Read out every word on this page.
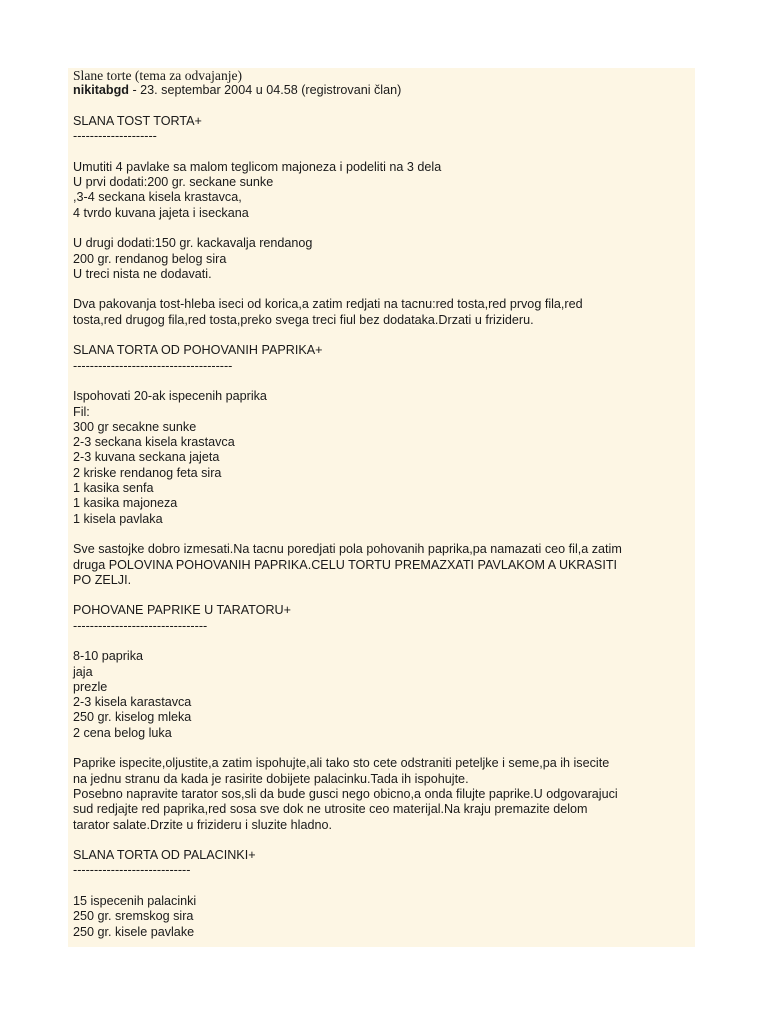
Slane torte (tema za odvajanje)
nikitabgd - 23. septembar 2004 u 04.58 (registrovani član)
SLANA TOST TORTA+
--------------------
Umutiti 4 pavlake sa malom teglicom majoneza i podeliti na 3 dela
U prvi dodati:200 gr. seckane sunke
,3-4 seckana kisela krastavca,
4 tvrdo kuvana jajeta i iseckana
U drugi dodati:150 gr. kackavalja rendanog
200 gr. rendanog belog sira
U treci nista ne dodavati.
Dva pakovanja tost-hleba iseci od korica,a zatim redjati na tacnu:red tosta,red prvog fila,red
tosta,red drugog fila,red tosta,preko svega treci fiul bez dodataka.Drzati u frizideru.
SLANA TORTA OD POHOVANIH PAPRIKA+
--------------------------------------
Ispohovati 20-ak ispecenih paprika
Fil:
300 gr secakne sunke
2-3 seckana kisela krastavca
2-3 kuvana seckana jajeta
2 kriske rendanog feta sira
1 kasika senfa
1 kasika majoneza
1 kisela pavlaka
Sve sastojke dobro izmesati.Na tacnu poredjati pola pohovanih paprika,pa namazati ceo fil,a zatim
druga POLOVINA POHOVANIH PAPRIKA.CELU TORTU PREMAZXATI PAVLAKOM A UKRASITI
PO ZELJI.
POHOVANE PAPRIKE U TARATORU+
--------------------------------
8-10 paprika
jaja
prezle
2-3 kisela karastavca
250 gr. kiselog mleka
2 cena belog luka
Paprike ispecite,oljustite,a zatim ispohujte,ali tako sto cete odstraniti peteljke i seme,pa ih isecite
na jednu stranu da kada je rasirite dobijete palacinku.Tada ih ispohujte.
Posebno napravite tarator sos,sli da bude gusci nego obicno,a onda filujte paprike.U odgovarajuci
sud redjajte red paprika,red sosa sve dok ne utrosite ceo materijal.Na kraju premazite delom
tarator salate.Drzite u frizideru i sluzite hladno.
SLANA TORTA OD PALACINKI+
----------------------------
15 ispecenih palacinki
250 gr. sremskog sira
250 gr. kisele pavlake
